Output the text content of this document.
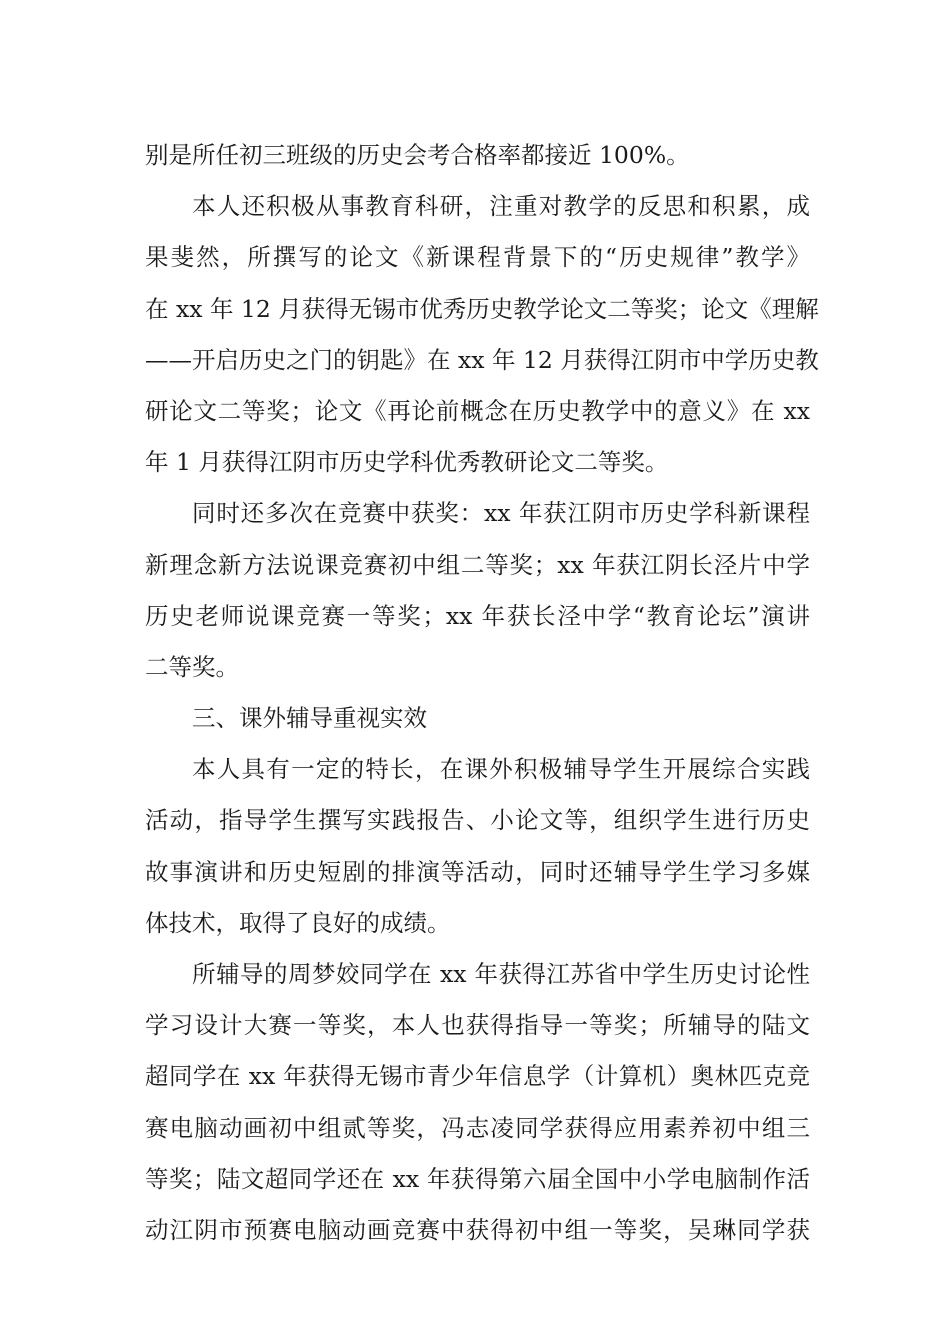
别是所任初三班级的历史会考合格率都接近 100%。
本人还积极从事教育科研，注重对教学的反思和积累，成
果斐然，所撰写的论文《新课程背景下的“历史规律”教学》
在 xx 年 12 月获得无锡市优秀历史教学论文二等奖；论文《理解
——开启历史之门的钥匙》在 xx 年 12 月获得江阴市中学历史教
研论文二等奖；论文《再论前概念在历史教学中的意义》在 xx
年 1 月获得江阴市历史学科优秀教研论文二等奖。
同时还多次在竞赛中获奖：xx 年获江阴市历史学科新课程
新理念新方法说课竞赛初中组二等奖；xx 年获江阴长泾片中学
历史老师说课竞赛一等奖；xx 年获长泾中学“教育论坛”演讲
二等奖。
三、课外辅导重视实效
本人具有一定的特长，在课外积极辅导学生开展综合实践
活动，指导学生撰写实践报告、小论文等，组织学生进行历史
故事演讲和历史短剧的排演等活动，同时还辅导学生学习多媒
体技术，取得了良好的成绩。
所辅导的周梦姣同学在 xx 年获得江苏省中学生历史讨论性
学习设计大赛一等奖，本人也获得指导一等奖；所辅导的陆文
超同学在 xx 年获得无锡市青少年信息学（计算机）奥林匹克竞
赛电脑动画初中组贰等奖，冯志凌同学获得应用素养初中组三
等奖；陆文超同学还在 xx 年获得第六届全国中小学电脑制作活
动江阴市预赛电脑动画竞赛中获得初中组一等奖，吴琳同学获
